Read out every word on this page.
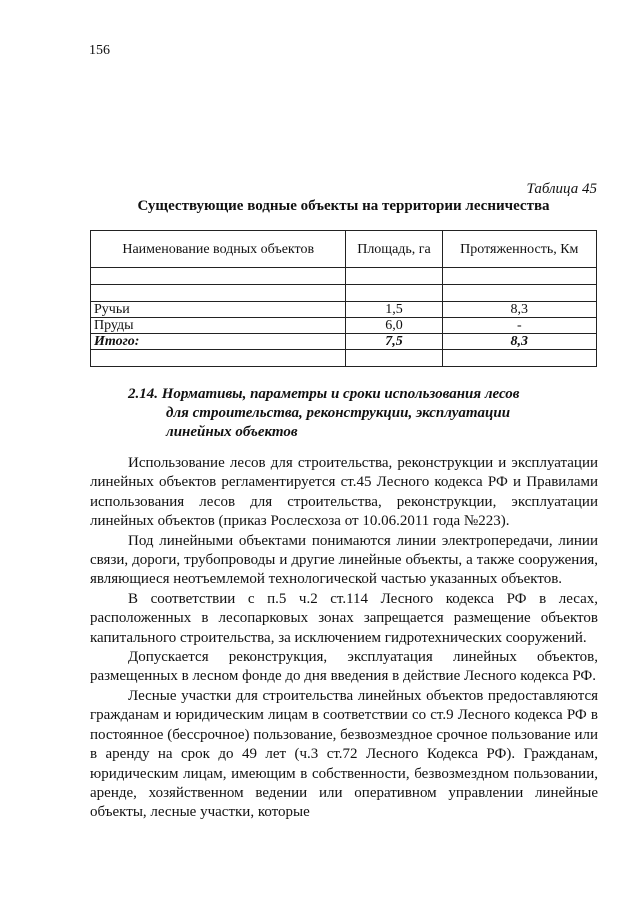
156
Таблица 45
Существующие водные объекты на территории лесничества
Наименование водных объектов	Площадь, га	Протяженность, Км

Ручьи	1,5	8,3
Пруды	6,0	-
Итого:	7,5	8,3

2.14. Нормативы, параметры и сроки использования лесов
для строительства, реконструкции, эксплуатации
линейных объектов

Использование лесов для строительства, реконструкции и эксплуатации линейных объектов регламентируется ст.45 Лесного кодекса РФ и Правилами использования лесов для строительства, реконструкции, эксплуатации линейных объектов (приказ Рослесхоза от 10.06.2011 года №223).

Под линейными объектами понимаются линии электропередачи, линии связи, дороги, трубопроводы и другие линейные объекты, а также сооружения, являющиеся неотъемлемой технологической частью указанных объектов.

В соответствии с п.5 ч.2 ст.114 Лесного кодекса РФ в лесах, расположенных в лесопарковых зонах запрещается размещение объектов капитального строительства, за исключением гидротехнических сооружений.

Допускается реконструкция, эксплуатация линейных объектов, размещенных в лесном фонде до дня введения в действие Лесного кодекса РФ.

Лесные участки для строительства линейных объектов предоставляются гражданам и юридическим лицам в соответствии со ст.9 Лесного кодекса РФ в постоянное (бессрочное) пользование, безвозмездное срочное пользование или в аренду на срок до 49 лет (ч.3 ст.72 Лесного Кодекса РФ). Гражданам, юридическим лицам, имеющим в собственности, безвозмездном пользовании, аренде, хозяйственном ведении или оперативном управлении линейные объекты, лесные участки, которые
